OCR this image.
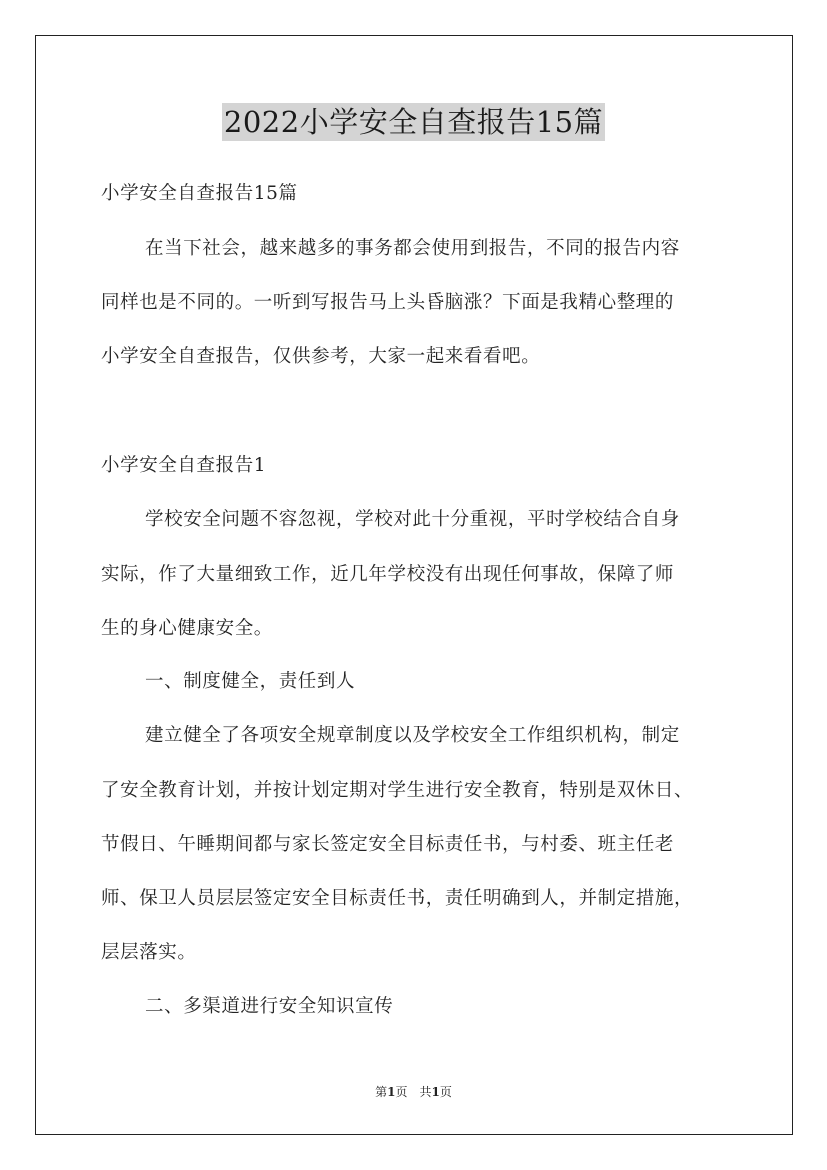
2022小学安全自查报告15篇
小学安全自查报告15篇
在当下社会，越来越多的事务都会使用到报告，不同的报告内容
同样也是不同的。一听到写报告马上头昏脑涨？下面是我精心整理的
小学安全自查报告，仅供参考，大家一起来看看吧。
小学安全自查报告1
学校安全问题不容忽视，学校对此十分重视，平时学校结合自身
实际，作了大量细致工作，近几年学校没有出现任何事故，保障了师
生的身心健康安全。
一、制度健全，责任到人
建立健全了各项安全规章制度以及学校安全工作组织机构，制定
了安全教育计划，并按计划定期对学生进行安全教育，特别是双休日、
节假日、午睡期间都与家长签定安全目标责任书，与村委、班主任老
师、保卫人员层层签定安全目标责任书，责任明确到人，并制定措施，
层层落实。
二、多渠道进行安全知识宣传
第1页　共1页
